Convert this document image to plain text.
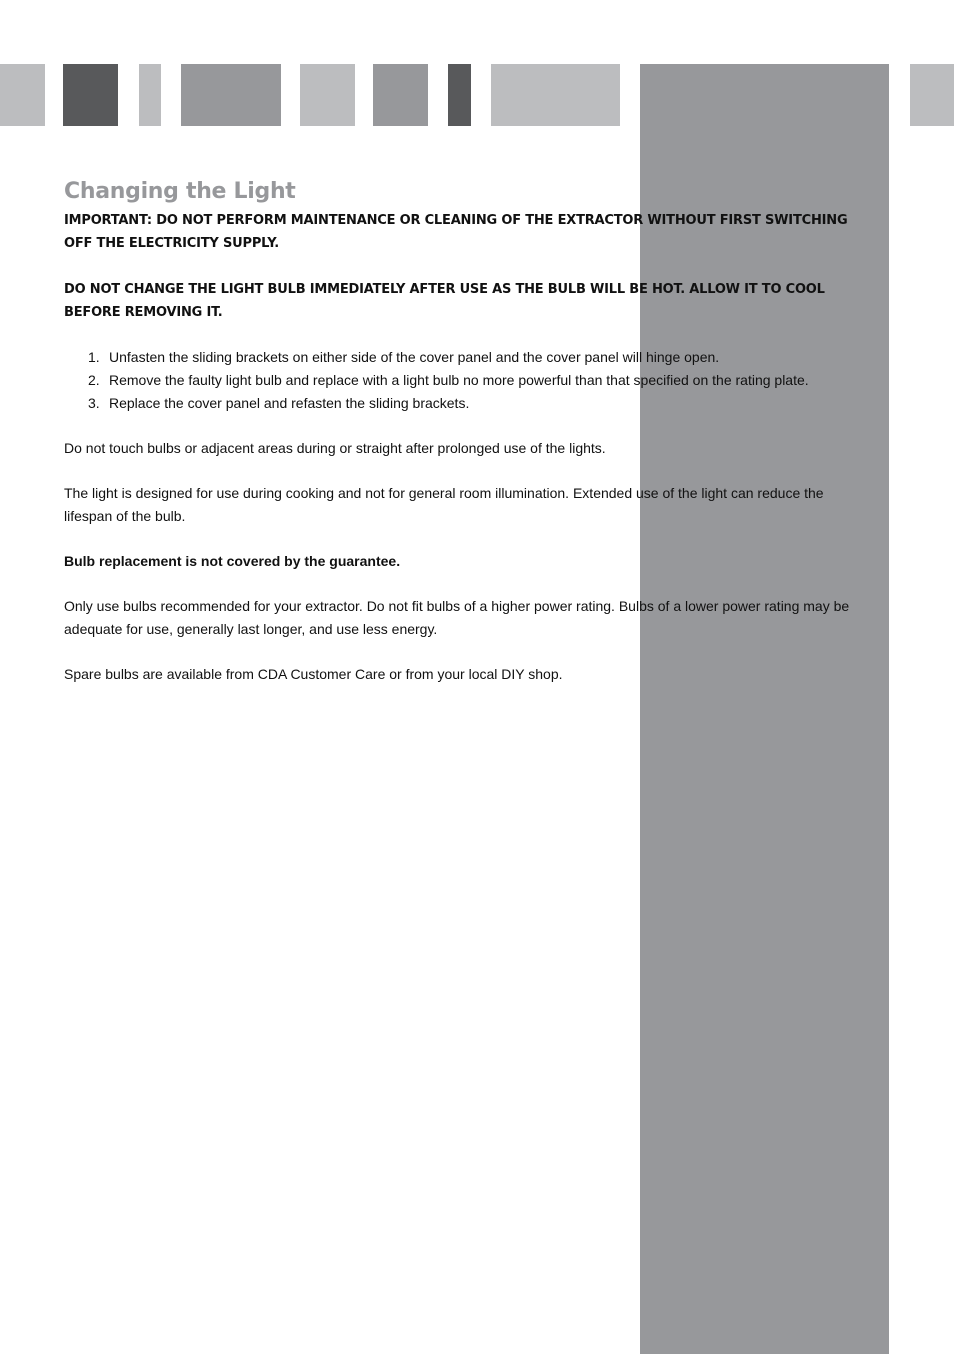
Changing the Light

IMPORTANT: DO NOT PERFORM MAINTENANCE OR CLEANING OF THE EXTRACTOR WITHOUT FIRST SWITCHING OFF THE ELECTRICITY SUPPLY.

DO NOT CHANGE THE LIGHT BULB IMMEDIATELY AFTER USE AS THE BULB WILL BE HOT. ALLOW IT TO COOL BEFORE REMOVING IT.

1. Unfasten the sliding brackets on either side of the cover panel and the cover panel will hinge open.
2. Remove the faulty light bulb and replace with a light bulb no more powerful than that specified on the rating plate.
3. Replace the cover panel and refasten the sliding brackets.

Do not touch bulbs or adjacent areas during or straight after prolonged use of the lights.

The light is designed for use during cooking and not for general room illumination. Extended use of the light can reduce the lifespan of the bulb.

Bulb replacement is not covered by the guarantee.

Only use bulbs recommended for your extractor. Do not fit bulbs of a higher power rating. Bulbs of a lower power rating may be adequate for use, generally last longer, and use less energy.

Spare bulbs are available from CDA Customer Care or from your local DIY shop.
